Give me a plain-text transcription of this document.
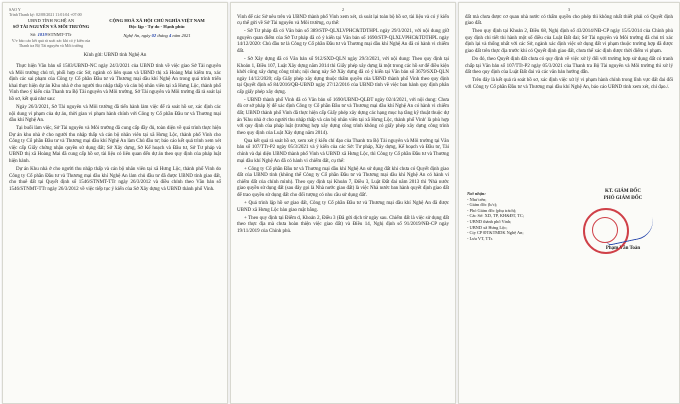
SAO Y
Trình Thanh ký: 02/08/2021 11:01:04 +07:00
UBND TỈNH NGHỆ AN
SỞ TÀI NGUYÊN VÀ MÔI TRƯỜNG
Số: 1819/STNMT-TTr
V/v báo cáo kết quả rà soát xác khi có ý kiến của Thanh tra Bộ Tài nguyên và Môi trường
CỘNG HOÀ XÃ HỘI CHỦ NGHĨA VIỆT NAM
Độc lập - Tự do - Hạnh phúc
Nghệ An, ngày 02 tháng 4 năm 2021
Kính gửi: UBND tỉnh Nghệ An

Thực hiện Văn bản số 1583/UBND-NC ngày 24/3/2021 của UBND tỉnh về việc giao Sở Tài nguyên và Môi trường chủ trì, phối hợp các Sở, ngành có liên quan và UBND thị xã Hoàng Mai kiểm tra, xác định các sai phạm của Công ty Cổ phần Đầu tư và Thương mại dầu khí Nghệ An trong quá trình triển khai thực hiện dự án Khu nhà ở cho người thu nhập thấp và cán bộ nhân viên tại xã Hưng Lộc, thành phố Vinh theo ý kiến của Thanh tra Bộ Tài nguyên và Môi trường, Sở Tài nguyên và Môi trường đã rà soát lại hồ sơ, kết quả như sau:

Ngày 26/3/2021, Sở Tài nguyên và Môi trường đã tiến hành làm việc để rà soát hồ sơ, xác định các nội dung vi phạm của dự án, thời gian vi phạm hành chính với Công ty Cổ phần Đầu tư và Thương mại dầu khí Nghệ An.

Tại buổi làm việc, Sở Tài nguyên và Môi trường đã cung cấp đầy đủ, toàn diện về quá trình thực hiện Dự án khu nhà ở cho người thu nhập thấp và cán bộ nhân viên tại xã Hưng Lộc, thành phố Vinh cho Công ty Cổ phần Đầu tư và Thương mại dầu khí Nghệ An làm Chủ đầu tư; báo cáo kết quả trình xem xét việc cấp Giấy chứng nhận quyền sử dụng đất; Sở Xây dựng, Sở Kế hoạch và Đầu tư, Sở Tư pháp và UBND thị xã Hoàng Mai đã cung cấp hồ sơ, tài liệu có liên quan đến dự án theo quy định của pháp luật hiện hành.

Dự án Khu nhà ở cho người thu nhập thấp và cán bộ nhân viên tại xã Hưng Lộc, thành phố Vinh do Công ty Cổ phần Đầu tư và Thương mại dầu khí Nghệ An làm chủ đầu tư đã được UBND tỉnh giao đất, cho thuê đất tại Quyết định số 1546/STNMT-TTr ngày 26/3/2012 và điều chỉnh theo Văn bản số 1546/STNMT-TTr ngày 26/3/2012 về việc tiếp tục ý kiến của Sở Xây dựng và UBND thành phố Vinh.

2

Vinh để các Sở nêu trên và UBND thành phố Vinh xem xét, rà soát lại toàn bộ hồ sơ, tài liệu và có ý kiến cụ thể gửi về Sở Tài nguyên và Môi trường, cụ thể:

- Sở Tư pháp đã có Văn bản số 389/STP-QLXLVPHC&TDTHPL ngày 29/3/2021, với nội dung giữ nguyên quan điểm của Sở Tư pháp đã có ý kiến tại Văn bản số 1690/STP-QLXLVPHC&TDTHPL ngày 14/12/2020: Chủ đầu tư là Công ty Cổ phần Đầu tư và Thương mại dầu khí Nghệ An đã có hành vi chiếm đất.

- Sở Xây dựng đã có Văn bản số 912/SXD-QLN ngày 29/3/2021, với nội dung: Theo quy định tại Khoản 1, Điều 107, Luật Xây dựng năm 2014 thì Giấy phép xây dựng là một trong các hồ sơ để điều kiện khởi công xây dựng công trình; nội dung này Sở Xây dựng đã có ý kiến tại Văn bản số 3679/SXD-QLN ngày 14/12/2020; cấp Giấy phép xây dựng thuộc thẩm quyền của UBND thành phố Vinh theo quy định tại Quyết định số 84/2016/QĐ-UBND ngày 27/12/2016 của UBND tỉnh về việc ban hành quy định phân cấp giấy phép xây dựng.

- UBND thành phố Vinh đã có Văn bản số 1690/UBND-QLĐT ngày 02/4/2021, với nội dung: Chưa đủ cơ sở pháp lý để xác định Công ty Cổ phần Đầu tư và Thương mại dầu khí Nghệ An có hành vi chiếm đất; UBND thành phố Vinh đã thực hiện cấp Giấy phép xây dựng các hạng mục hạ tầng kỹ thuật thuộc dự án 'Khu nhà ở cho người thu nhập thấp và cán bộ nhân viên tại xã Hưng Lộc, thành phố Vinh' là phù hợp với quy định của pháp luật (trường hợp xây dựng công trình không có giấy phép xây dựng công trình theo quy định của Luật Xây dựng năm 2014).

Qua kết quả rà soát hồ sơ, xem xét ý kiến chỉ đạo của Thanh tra Bộ Tài nguyên và Môi trường tại Văn bản số 107/TTr-P2 ngày 05/3/2021 và ý kiến của các Sở: Tư pháp, Xây dựng, Kế hoạch và Đầu tư, Tài chính và đại diện UBND thành phố Vinh và UBND xã Hưng Lộc, thì Công ty Cổ phần Đầu tư và Thương mại dầu khí Nghệ An đã có hành vi chiếm đất, cụ thể:

+ Công ty Cổ phần Đầu tư và Thương mại dầu khí Nghệ An sử dụng đất khi chưa có Quyết định giao đất của UBND tỉnh (không thể Công ty Cổ phần Đầu tư và Thương mại dầu khí Nghệ An có hành vi chiếm đất của chính mình). Theo quy định tại Khoản 7, Điều 3, Luật Đất đai năm 2013 thì 'Nhà nước giao quyền sử dụng đất (sau đây gọi là Nhà nước giao đất) là việc Nhà nước ban hành quyết định giao đất để trao quyền sử dụng đất cho đối tượng có nhu cầu sử dụng đất'.

+ Quá trình lập hồ sơ giao đất, Công ty Cổ phần Đầu tư và Thương mại dầu khí Nghệ An đã được UBND xã Hưng Lộc bàn giao mặt bằng.

+ Theo quy định tại Điểm d, Khoản 2, Điều 3 (Đã gửi dịch từ ngày sau. Chiếm đất là việc sử dụng đất theo thực địa mà chưa hoàn thiện việc giao đất) và Điều 14, Nghị định số 91/2019/NĐ-CP ngày 19/11/2019 của Chính phủ.

3

đất mà chưa được cơ quan nhà nước có thẩm quyền cho phép thì không nhất thiết phải có Quyết định giao đất.

Theo quy định tại Khoản 2, Điều 68, Nghị định số 43/2014/NĐ-CP ngày 15/5/2014 của Chính phủ quy định chi tiết thi hành một số điều của Luật Đất đai; Sở Tài nguyên và Môi trường đã chủ trì xác định lại và thống nhất với các Sở, ngành xác định việc sử dụng đất vi phạm thuộc trường hợp đã được giao đất trên thực địa trước khi có Quyết định giao đất, chưa thể xác định được thời điểm vi phạm.

Do đó, theo Quyết định đất chưa có quy định về việc xử lý đối với trường hợp sử dụng đất có tranh chấp tại Văn bản số 107/TTr-P2 ngày 05/3/2021 của Thanh tra Bộ Tài nguyên và Môi trường thì xử lý đất theo quy định của Luật Đất đai và các văn bản hướng dẫn.

Trên đây là kết quả rà soát hồ sơ, xác định việc xử lý vi phạm hành chính trong lĩnh vực đất đai đối với Công ty Cổ phần Đầu tư và Thương mại dầu khí Nghệ An, báo cáo UBND tỉnh xem xét, chỉ đạo./.

Nơi nhận:
- Như trên;
- Giám đốc (b/c);
- Phó Giám đốc (phụ trách);
- Các Sở: XD, TP, KH&ĐT, TC;
- UBND thành phố Vinh;
- UBND xã Hưng Lộc;
- Cty CP ĐT&TMDK Nghệ An;
- Lưu VT, TTr.
KT. GIÁM ĐỐC
PHÓ GIÁM ĐỐC
Phạm Văn Toàn
